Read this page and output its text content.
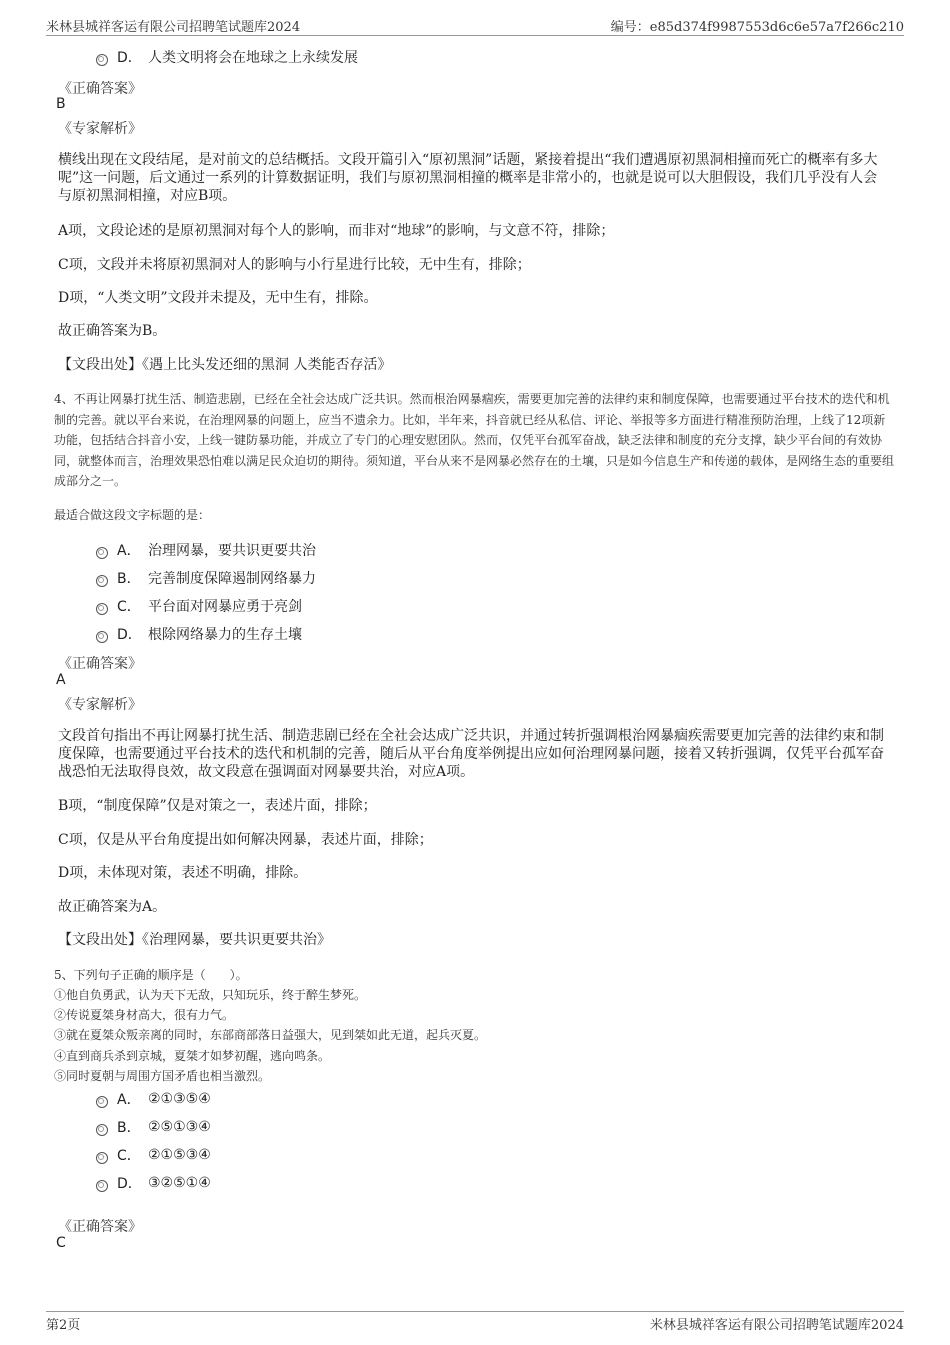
米林县城祥客运有限公司招聘笔试题库2024	编号：e85d374f9987553d6c6e57a7f266c210
D． 人类文明将会在地球之上永续发展
《正确答案》
B
《专家解析》
横线出现在文段结尾，是对前文的总结概括。文段开篇引入“原初黑洞”话题，紧接着提出“我们遭遇原初黑洞相撞而死亡的概率有多大呢”这一问题，后文通过一系列的计算数据证明，我们与原初黑洞相撞的概率是非常小的，也就是说可以大胆假设，我们几乎没有人会与原初黑洞相撞，对应B项。
A项，文段论述的是原初黑洞对每个人的影响，而非对“地球”的影响，与文意不符，排除；
C项，文段并未将原初黑洞对人的影响与小行星进行比较，无中生有，排除；
D项，“人类文明”文段并未提及，无中生有，排除。
故正确答案为B。
【文段出处】《遇上比头发还细的黑洞 人类能否存活》
4、不再让网暴打扰生活、制造悲剧，已经在全社会达成广泛共识。然而根治网暴痼疾，需要更加完善的法律约束和制度保障，也需要通过平台技术的迭代和机制的完善。就以平台来说，在治理网暴的问题上，应当不遗余力。比如，半年来，抖音就已经从私信、评论、举报等多方面进行精准预防治理，上线了12项新功能，包括结合抖音小安，上线一键防暴功能，并成立了专门的心理安慰团队。然而，仅凭平台孤军奋战，缺乏法律和制度的充分支撑，缺少平台间的有效协同，就整体而言，治理效果恐怕难以满足民众迫切的期待。须知道，平台从来不是网暴必然存在的土壤，只是如今信息生产和传递的载体，是网络生态的重要组成部分之一。
最适合做这段文字标题的是：
A． 治理网暴，要共识更要共治
B． 完善制度保障遏制网络暴力
C． 平台面对网暴应勇于亮剑
D． 根除网络暴力的生存土壤
《正确答案》
A
《专家解析》
文段首句指出不再让网暴打扰生活、制造悲剧已经在全社会达成广泛共识，并通过转折强调根治网暴痼疾需要更加完善的法律约束和制度保障，也需要通过平台技术的迭代和机制的完善，随后从平台角度举例提出应如何治理网暴问题，接着又转折强调，仅凭平台孤军奋战恐怕无法取得良效，故文段意在强调面对网暴要共治，对应A项。
B项，“制度保障”仅是对策之一，表述片面，排除；
C项，仅是从平台角度提出如何解决网暴，表述片面，排除；
D项，未体现对策，表述不明确，排除。
故正确答案为A。
【文段出处】《治理网暴，要共识更要共治》
5、下列句子正确的顺序是（　　）。
①他自负勇武，认为天下无敌，只知玩乐，终于醉生梦死。
②传说夏桀身材高大，很有力气。
③就在夏桀众叛亲离的同时，东部商部落日益强大，见到桀如此无道，起兵灭夏。
④直到商兵杀到京城，夏桀才如梦初醒，逃向鸣条。
⑤同时夏朝与周围方国矛盾也相当激烈。
A． ②①③⑤④
B． ②⑤①③④
C． ②①⑤③④
D． ③②⑤①④
《正确答案》
C
第2页	米林县城祥客运有限公司招聘笔试题库2024
